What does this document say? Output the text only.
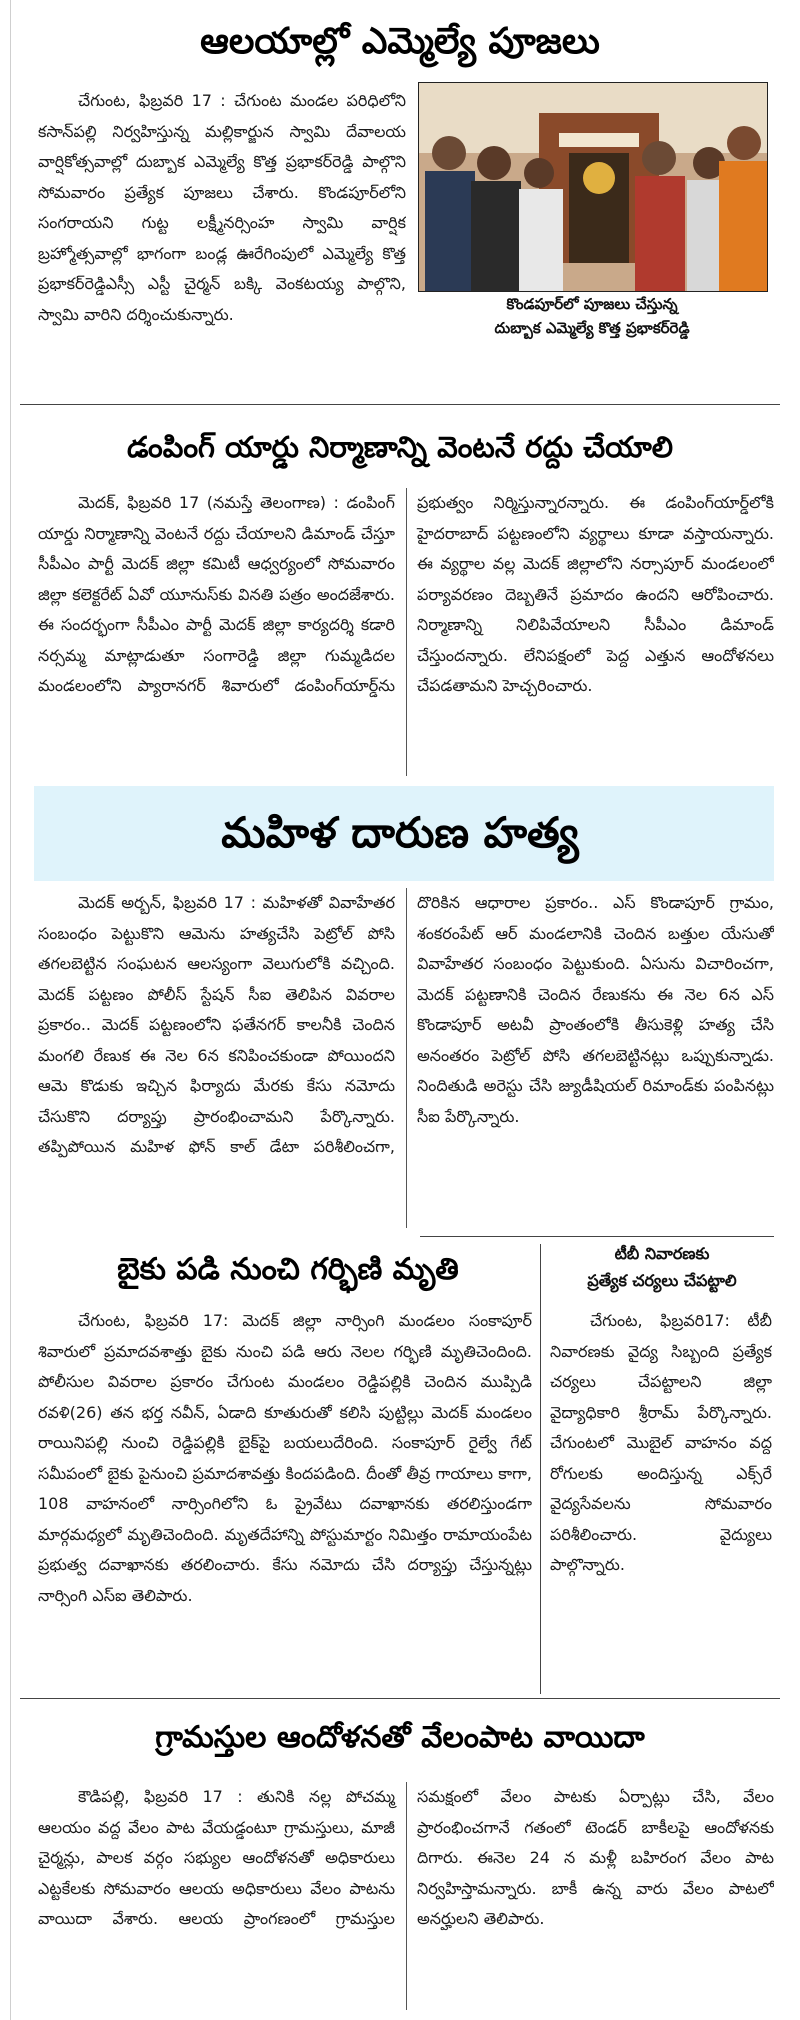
ఆలయాల్లో ఎమ్మెల్యే పూజలు

చేగుంట, ఫిబ్రవరి 17 : చేగుంట మండల పరిధిలోని కసాన్‌పల్లి నిర్వహిస్తున్న మల్లికార్జున స్వామి దేవాలయ వార్షికోత్సవాల్లో దుబ్బాక ఎమ్మెల్యే కొత్త ప్రభాకర్‌రెడ్డి పాల్గొని సోమవారం ప్రత్యేక పూజలు చేశారు. కొండపూర్‌లోని సంగరాయని గుట్ట లక్ష్మీనర్సింహ స్వామి వార్షిక బ్రహ్మోత్సవాల్లో భాగంగా బండ్ల ఊరేగింపులో ఎమ్మెల్యే కొత్త ప్రభాకర్‌రెడ్డిఎస్సీ ఎస్టీ చైర్మన్ బక్కి వెంకటయ్య పాల్గొని, స్వామి వారిని దర్శించుకున్నారు.

కొండపూర్‌లో పూజలు చేస్తున్న
దుబ్బాక ఎమ్మెల్యే కొత్త ప్రభాకర్‌రెడ్డి
డంపింగ్ యార్డు నిర్మాణాన్ని వెంటనే రద్దు చేయాలి

మెదక్, ఫిబ్రవరి 17 (నమస్తే తెలంగాణ) : డంపింగ్ యార్డు నిర్మాణాన్ని వెంటనే రద్దు చేయాలని డిమాండ్ చేస్తూ సీపీఎం పార్టీ మెదక్ జిల్లా కమిటీ ఆధ్వర్యంలో సోమవారం జిల్లా కలెక్టరేట్ ఏవో యూనుస్‌కు వినతి పత్రం అందజేశారు. ఈ సందర్భంగా సీపీఎం పార్టీ మెదక్ జిల్లా కార్యదర్శి కడారి నర్సమ్మ మాట్లాడుతూ సంగారెడ్డి జిల్లా గుమ్మడిదల మండలంలోని ప్యారానగర్ శివారులో డంపింగ్‌యార్డ్‌ను ప్రభుత్వం నిర్మిస్తున్నారన్నారు. ఈ డంపింగ్‌యార్డ్‌లోకి హైదరాబాద్ పట్టణంలోని వ్యర్థాలు కూడా వస్తాయన్నారు. ఈ వ్యర్థాల వల్ల మెదక్ జిల్లాలోని నర్సాపూర్ మండలంలో పర్యావరణం దెబ్బతినే ప్రమాదం ఉందని ఆరోపించారు. నిర్మాణాన్ని నిలిపివేయాలని సీపీఎం డిమాండ్ చేస్తుందన్నారు. లేనిపక్షంలో పెద్ద ఎత్తున ఆందోళనలు చేపడతామని హెచ్చరించారు.

మహిళ దారుణ హత్య

మెదక్ అర్బన్, ఫిబ్రవరి 17 : మహిళతో వివాహేతర సంబంధం పెట్టుకొని ఆమెను హత్యచేసి పెట్రోల్ పోసి తగలబెట్టిన సంఘటన ఆలస్యంగా వెలుగులోకి వచ్చింది. మెదక్ పట్టణం పోలీస్ స్టేషన్ సీఐ తెలిపిన వివరాల ప్రకారం.. మెదక్ పట్టణంలోని ఫతేనగర్ కాలనీకి చెందిన మంగలి రేణుక ఈ నెల 6న కనిపించకుండా పోయిందని ఆమె కొడుకు ఇచ్చిన ఫిర్యాదు మేరకు కేసు నమోదు చేసుకొని దర్యాప్తు ప్రారంభించామని పేర్కొన్నారు. తప్పిపోయిన మహిళ ఫోన్ కాల్ డేటా పరిశీలించగా, దొరికిన ఆధారాల ప్రకారం.. ఎస్ కొండాపూర్ గ్రామం, శంకరంపేట్ ఆర్ మండలానికి చెందిన బత్తుల యేసుతో వివాహేతర సంబంధం పెట్టుకుంది. ఏసును విచారించగా, మెదక్ పట్టణానికి చెందిన రేణుకను ఈ నెల 6న ఎస్ కొండాపూర్ అటవీ ప్రాంతంలోకి తీసుకెళ్లి హత్య చేసి అనంతరం పెట్రోల్ పోసి తగలబెట్టినట్లు ఒప్పుకున్నాడు. నిందితుడి అరెస్టు చేసి జ్యుడీషియల్ రిమాండ్‌కు పంపినట్లు సీఐ పేర్కొన్నారు.

బైకు పడి నుంచి గర్భిణి మృతి

చేగుంట, ఫిబ్రవరి 17: మెదక్ జిల్లా నార్సింగి మండలం సంకాపూర్ శివారులో ప్రమాదవశాత్తు బైకు నుంచి పడి ఆరు నెలల గర్భిణి మృతిచెందింది. పోలీసుల వివరాల ప్రకారం చేగుంట మండలం రెడ్డిపల్లికి చెందిన ముప్పిడి రవళి(26) తన భర్త నవీన్, ఏడాది కూతురుతో కలిసి పుట్టిల్లు మెదక్ మండలం రాయినిపల్లి నుంచి రెడ్డిపల్లికి బైక్‌పై బయలుదేరింది. సంకాపూర్ రైల్వే గేట్ సమీపంలో బైకు పైనుంచి ప్రమాదశావత్తు కిందపడింది. దీంతో తీవ్ర గాయాలు కాగా, 108 వాహనంలో నార్సింగిలోని ఓ ప్రైవేటు దవాఖానకు తరలిస్తుండగా మార్గమధ్యలో మృతిచెందింది. మృతదేహాన్ని పోస్టుమార్టం నిమిత్తం రామాయంపేట ప్రభుత్వ దవాఖానకు తరలించారు. కేసు నమోదు చేసి దర్యాప్తు చేస్తున్నట్లు నార్సింగి ఎస్ఐ తెలిపారు.

టీబీ నివారణకు
ప్రత్యేక చర్యలు చేపట్టాలి

చేగుంట, ఫిబ్రవరి17: టీబీ నివారణకు వైద్య సిబ్బంది ప్రత్యేక చర్యలు చేపట్టాలని జిల్లా వైద్యాధికారి శ్రీరామ్ పేర్కొన్నారు. చేగుంటలో మొబైల్ వాహనం వద్ద రోగులకు అందిస్తున్న ఎక్స్‌రే వైద్యసేవలను సోమవారం పరిశీలించారు. వైద్యులు పాల్గొన్నారు.

గ్రామస్తుల ఆందోళనతో వేలంపాట వాయిదా

కౌడిపల్లి, ఫిబ్రవరి 17 : తునికి నల్ల పోచమ్మ ఆలయం వద్ద వేలం పాట వేయడ్డంటూ గ్రామస్తులు, మాజీ చైర్మన్లు, పాలక వర్గం సభ్యుల ఆందోళనతో అధికారులు ఎట్టకేలకు సోమవారం ఆలయ అధికారులు వేలం పాటను వాయిదా వేశారు. ఆలయ ప్రాంగణంలో గ్రామస్తుల సమక్షంలో వేలం పాటకు ఏర్పాట్లు చేసి, వేలం ప్రారంభించగానే గతంలో టెండర్ బాకీలపై ఆందోళనకు దిగారు. ఈనెల 24 న మళ్లీ బహిరంగ వేలం పాట నిర్వహిస్తామన్నారు. బాకీ ఉన్న వారు వేలం పాటలో అనర్హులని తెలిపారు.
